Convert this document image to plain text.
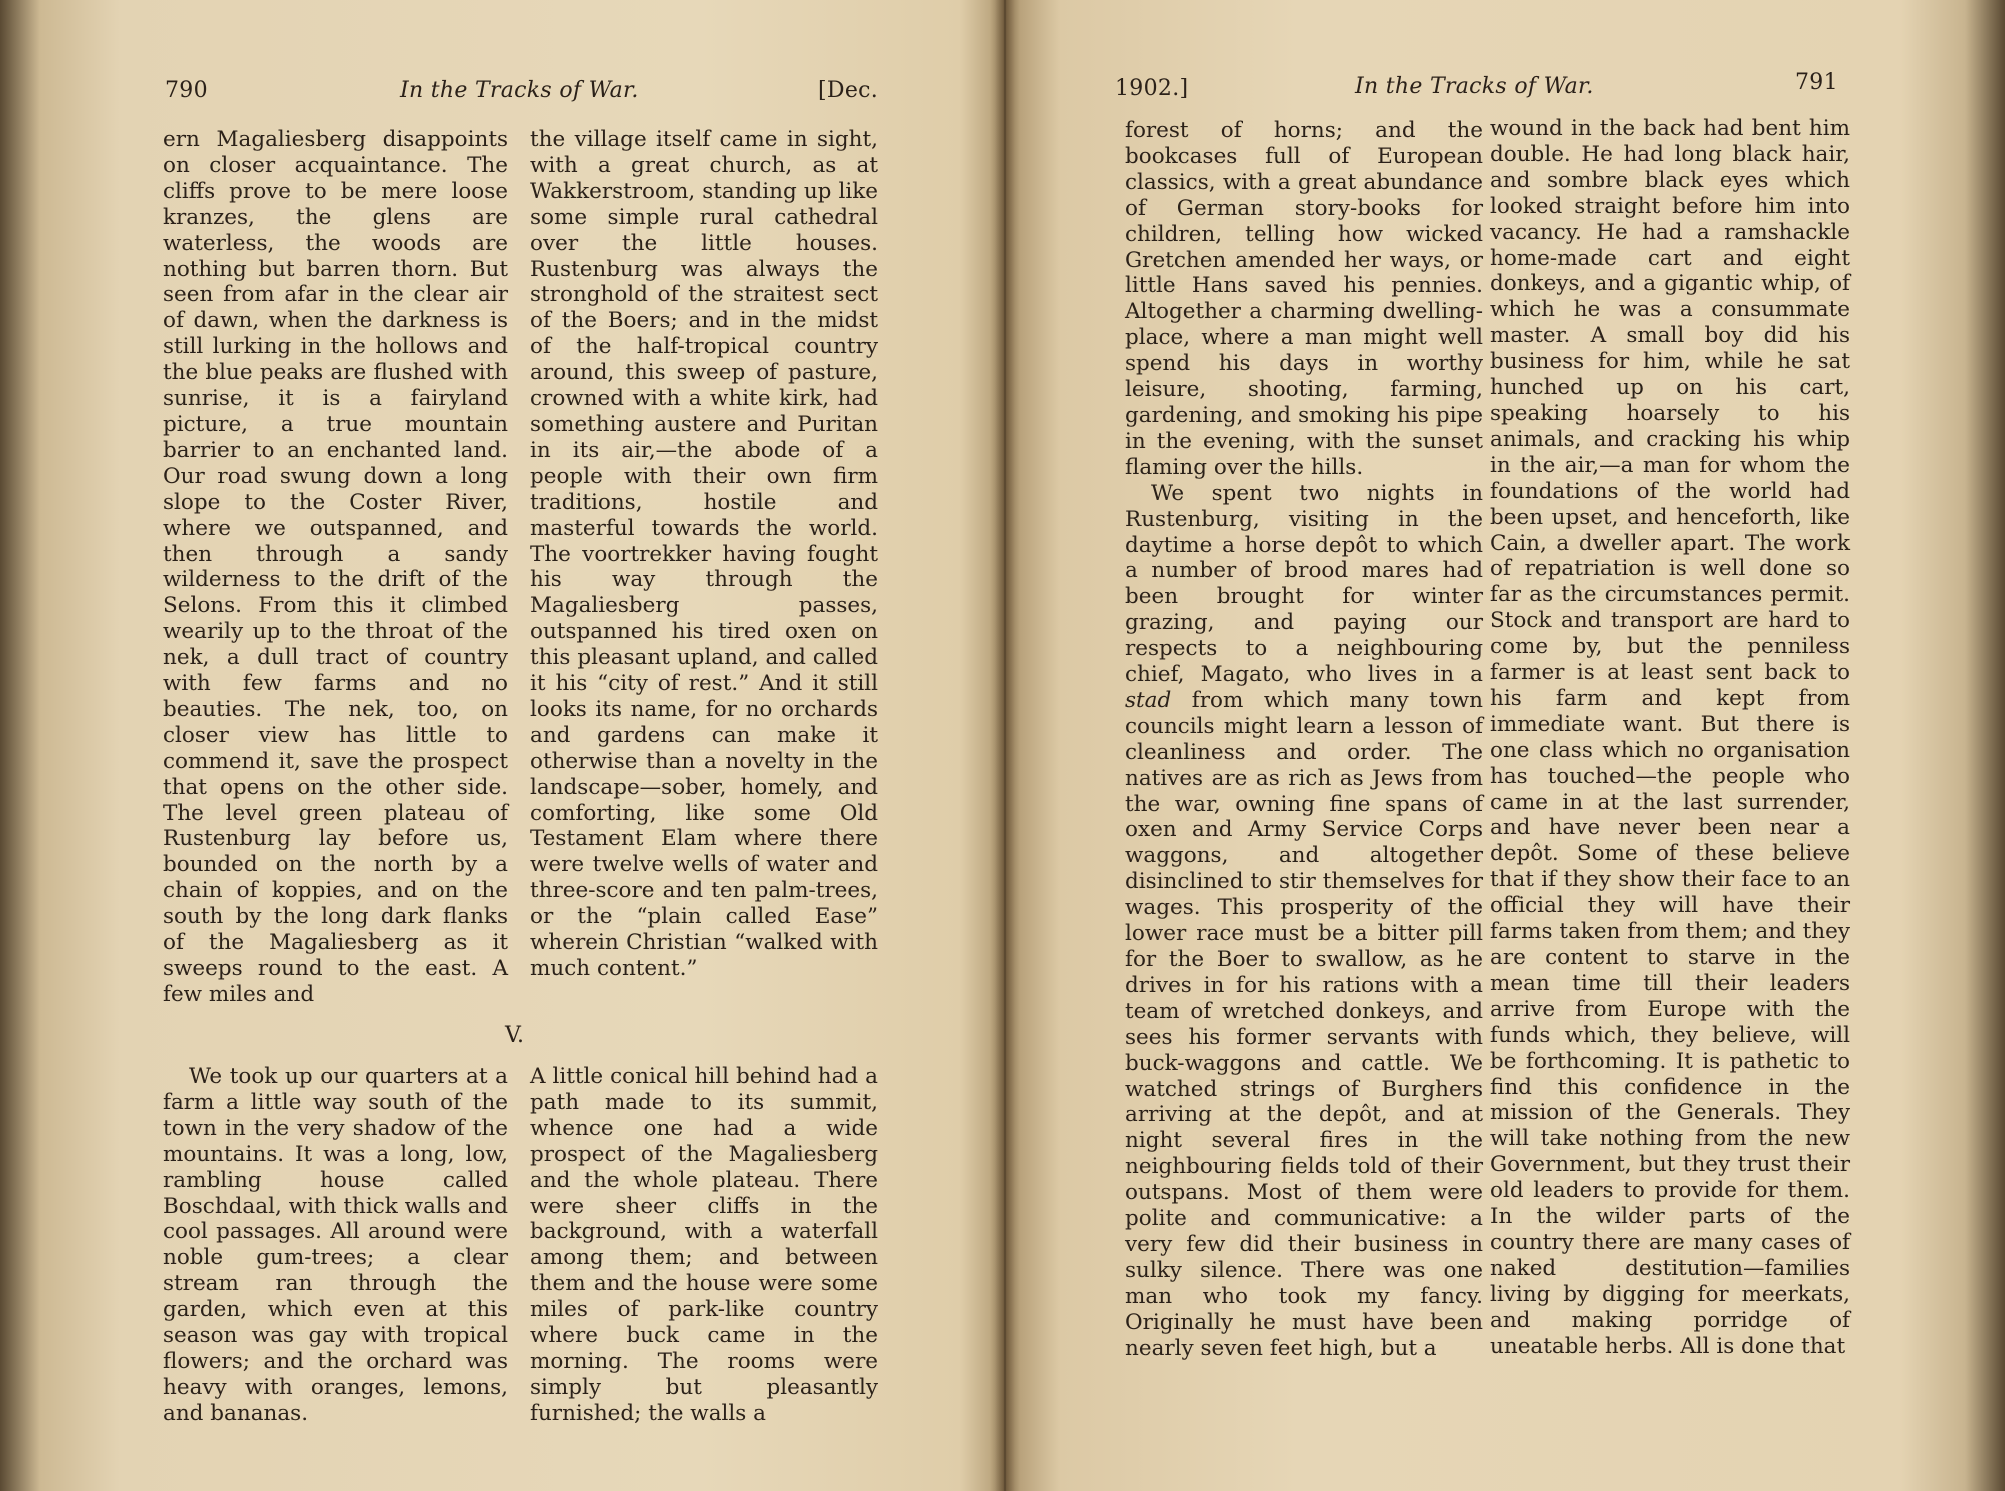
790	In the Tracks of War.	[Dec.

ern Magaliesberg disappoints on closer acquaintance. The cliffs prove to be mere loose kranzes, the glens are waterless, the woods are nothing but barren thorn. But seen from afar in the clear air of dawn, when the darkness is still lurking in the hollows and the blue peaks are flushed with sunrise, it is a fairyland picture, a true mountain barrier to an enchanted land. Our road swung down a long slope to the Coster River, where we outspanned, and then through a sandy wilderness to the drift of the Selons. From this it climbed wearily up to the throat of the nek, a dull tract of country with few farms and no beauties. The nek, too, on closer view has little to commend it, save the prospect that opens on the other side. The level green plateau of Rustenburg lay before us, bounded on the north by a chain of koppies, and on the south by the long dark flanks of the Magaliesberg as it sweeps round to the east. A few miles and

the village itself came in sight, with a great church, as at Wakkerstroom, standing up like some simple rural cathedral over the little houses. Rustenburg was always the stronghold of the straitest sect of the Boers; and in the midst of the half-tropical country around, this sweep of pasture, crowned with a white kirk, had something austere and Puritan in its air,—the abode of a people with their own firm traditions, hostile and masterful towards the world. The voortrekker having fought his way through the Magaliesberg passes, outspanned his tired oxen on this pleasant upland, and called it his “city of rest.” And it still looks its name, for no orchards and gardens can make it otherwise than a novelty in the landscape—sober, homely, and comforting, like some Old Testament Elam where there were twelve wells of water and three-score and ten palm-trees, or the “plain called Ease” wherein Christian “walked with much content.”

V.

We took up our quarters at a farm a little way south of the town in the very shadow of the mountains. It was a long, low, rambling house called Boschdaal, with thick walls and cool passages. All around were noble gum-trees; a clear stream ran through the garden, which even at this season was gay with tropical flowers; and the orchard was heavy with oranges, lemons, and bananas.

A little conical hill behind had a path made to its summit, whence one had a wide prospect of the Magaliesberg and the whole plateau. There were sheer cliffs in the background, with a waterfall among them; and between them and the house were some miles of park-like country where buck came in the morning. The rooms were simply but pleasantly furnished; the walls a

1902.]	In the Tracks of War.	791

forest of horns; and the bookcases full of European classics, with a great abundance of German story-books for children, telling how wicked Gretchen amended her ways, or little Hans saved his pennies. Altogether a charming dwelling-place, where a man might well spend his days in worthy leisure, shooting, farming, gardening, and smoking his pipe in the evening, with the sunset flaming over the hills.

We spent two nights in Rustenburg, visiting in the daytime a horse depôt to which a number of brood mares had been brought for winter grazing, and paying our respects to a neighbouring chief, Magato, who lives in a stad from which many town councils might learn a lesson of cleanliness and order. The natives are as rich as Jews from the war, owning fine spans of oxen and Army Service Corps waggons, and altogether disinclined to stir themselves for wages. This prosperity of the lower race must be a bitter pill for the Boer to swallow, as he drives in for his rations with a team of wretched donkeys, and sees his former servants with buck-waggons and cattle. We watched strings of Burghers arriving at the depôt, and at night several fires in the neighbouring fields told of their outspans. Most of them were polite and communicative: a very few did their business in sulky silence. There was one man who took my fancy. Originally he must have been nearly seven feet high, but a

wound in the back had bent him double. He had long black hair, and sombre black eyes which looked straight before him into vacancy. He had a ramshackle home-made cart and eight donkeys, and a gigantic whip, of which he was a consummate master. A small boy did his business for him, while he sat hunched up on his cart, speaking hoarsely to his animals, and cracking his whip in the air,—a man for whom the foundations of the world had been upset, and henceforth, like Cain, a dweller apart. The work of repatriation is well done so far as the circumstances permit. Stock and transport are hard to come by, but the penniless farmer is at least sent back to his farm and kept from immediate want. But there is one class which no organisation has touched—the people who came in at the last surrender, and have never been near a depôt. Some of these believe that if they show their face to an official they will have their farms taken from them; and they are content to starve in the mean time till their leaders arrive from Europe with the funds which, they believe, will be forthcoming. It is pathetic to find this confidence in the mission of the Generals. They will take nothing from the new Government, but they trust their old leaders to provide for them. In the wilder parts of the country there are many cases of naked destitution—families living by digging for meerkats, and making porridge of uneatable herbs. All is done that
